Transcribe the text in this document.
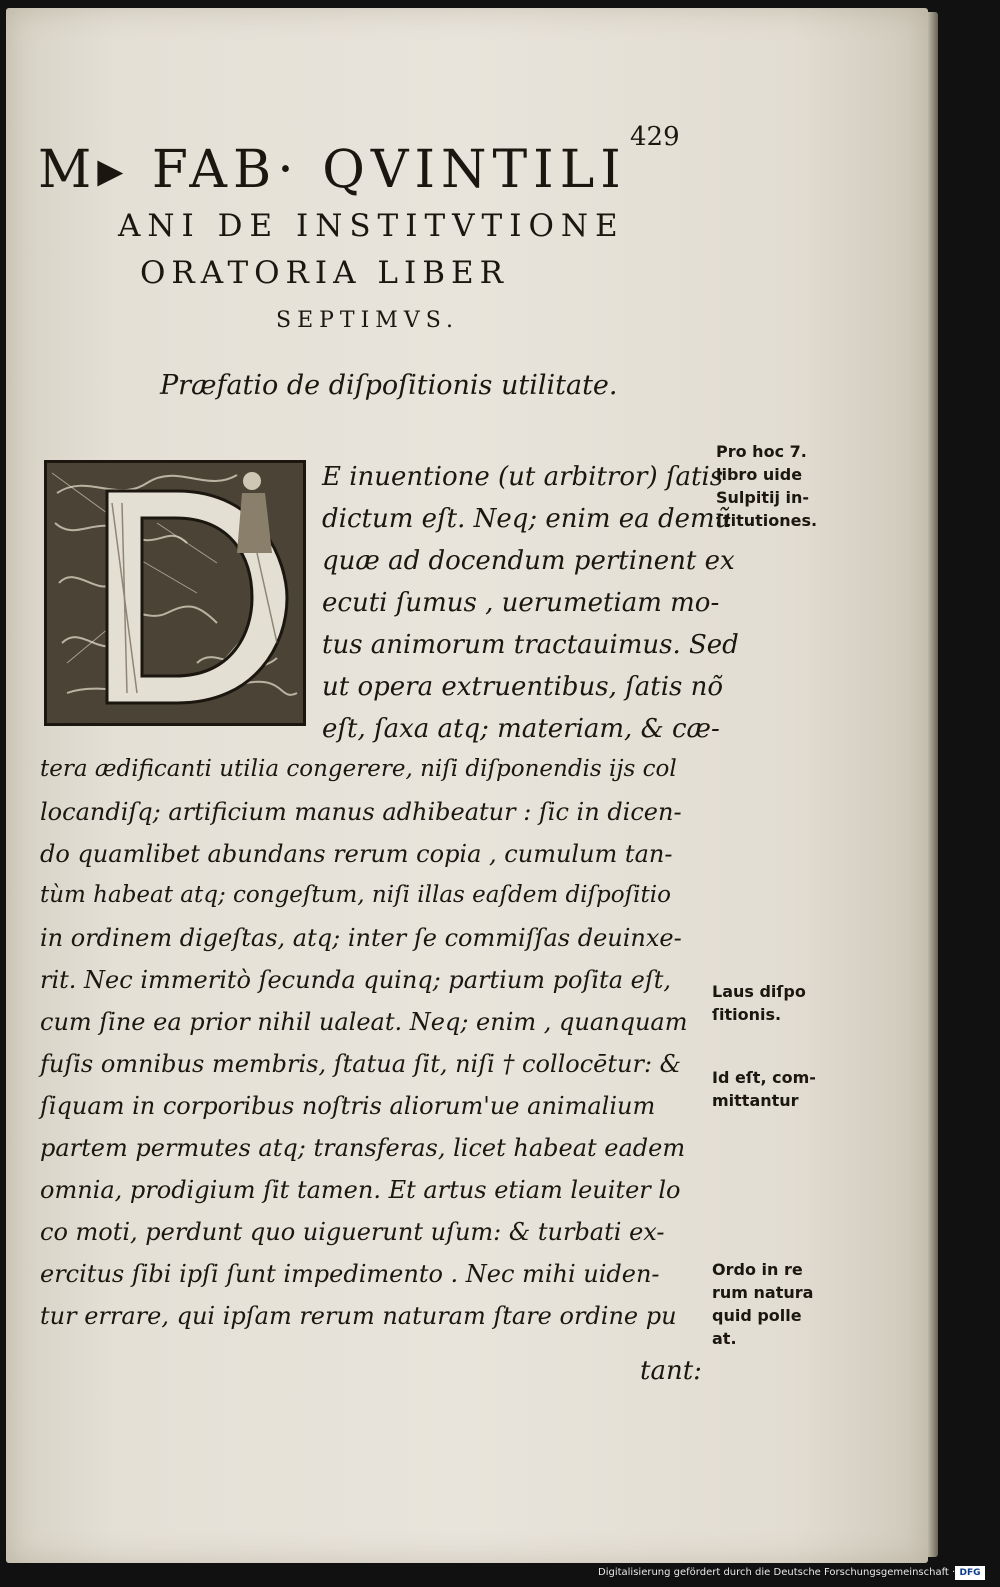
429
M▸ FAB· QVINTILI
ANI DE INSTITVTIONE
ORATORIA LIBER
SEPTIMVS.
Præfatio de diſpoſitionis utilitate.
E inuentione (ut arbitror) ſatis
dictum eſt. Neq; enim ea demũ
quæ ad docendum pertinent ex
ecuti ſumus , uerumetiam mo-
tus animorum tractauimus. Sed
ut opera extruentibus, ſatis nõ
eſt, ſaxa atq; materiam, & cæ-
tera ædificanti utilia congerere, niſi diſponendis ijs col
locandiſq; artificium manus adhibeatur : ſic in dicen-
do quamlibet abundans rerum copia , cumulum tan-
tùm habeat atq; congeſtum, niſi illas eaſdem diſpoſitio
in ordinem digeſtas, atq; inter ſe commiſſas deuinxe-
rit. Nec immeritò ſecunda quinq; partium poſita eſt,
cum ſine ea prior nihil ualeat. Neq; enim , quanquam
fuſis omnibus membris, ſtatua ſit, niſi † collocētur: &
ſiquam in corporibus noſtris aliorum'ue animalium
partem permutes atq; transferas, licet habeat eadem
omnia, prodigium ſit tamen. Et artus etiam leuiter lo
co moti, perdunt quo uiguerunt uſum: & turbati ex-
ercitus ſibi ipſi ſunt impedimento . Nec mihi uiden-
tur errare, qui ipſam rerum naturam ſtare ordine pu
tant:
Pro hoc 7.
libro uide
Sulpitij in-
ſtitutiones.
Laus diſpo
ſitionis.
Id eſt, com-
mittantur
Ordo in re
rum natura
quid polle
at.
Digitalisierung gefördert durch die Deutsche Forschungsgemeinschaft · DFG
